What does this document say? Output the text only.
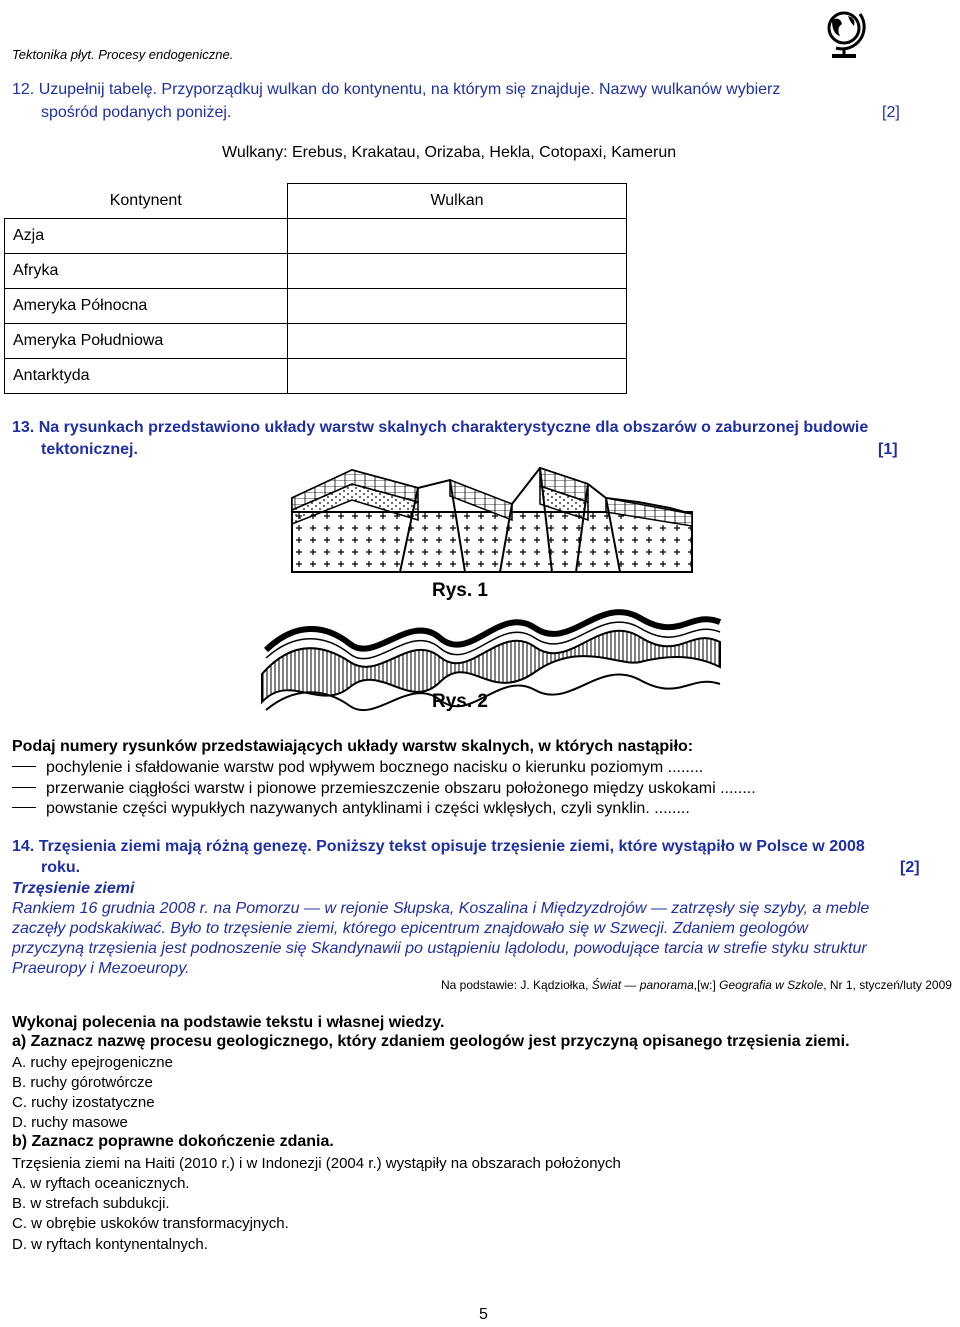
Tektonika płyt. Procesy endogeniczne.
12. Uzupełnij tabelę. Przyporządkuj wulkan do kontynentu, na którym się znajduje. Nazwy wulkanów wybierz
spośród podanych poniżej.	[2]
Wulkany: Erebus, Krakatau, Orizaba, Hekla, Cotopaxi, Kamerun
Kontynent	Wulkan
Azja	
Afryka	
Ameryka Północna	
Ameryka Południowa	
Antarktyda	
13. Na rysunkach przedstawiono układy warstw skalnych charakterystyczne dla obszarów o zaburzonej budowie
tektonicznej.	[1]
Rys. 1
Rys. 2
Podaj numery rysunków przedstawiających układy warstw skalnych, w których nastąpiło:
pochylenie i sfałdowanie warstw pod wpływem bocznego nacisku o kierunku poziomym ........
przerwanie ciągłości warstw i pionowe przemieszczenie obszaru położonego między uskokami ........
powstanie części wypukłych nazywanych antyklinami i części wklęsłych, czyli synklin. ........
14. Trzęsienia ziemi mają różną genezę. Poniższy tekst opisuje trzęsienie ziemi, które wystąpiło w Polsce w 2008
roku.	[2]
Trzęsienie ziemi
Rankiem 16 grudnia 2008 r. na Pomorzu — w rejonie Słupska, Koszalina i Międzyzdrojów — zatrzęsły się szyby, a meble
zaczęły podskakiwać. Było to trzęsienie ziemi, którego epicentrum znajdowało się w Szwecji. Zdaniem geologów
przyczyną trzęsienia jest podnoszenie się Skandynawii po ustąpieniu lądolodu, powodujące tarcia w strefie styku struktur
Praeuropy i Mezoeuropy.
Na podstawie: J. Kądziołka, Świat — panorama,[w:] Geografia w Szkole, Nr 1, styczeń/luty 2009
Wykonaj polecenia na podstawie tekstu i własnej wiedzy.
a) Zaznacz nazwę procesu geologicznego, który zdaniem geologów jest przyczyną opisanego trzęsienia ziemi.
A. ruchy epejrogeniczne
B. ruchy górotwórcze
C. ruchy izostatyczne
D. ruchy masowe
b) Zaznacz poprawne dokończenie zdania.
Trzęsienia ziemi na Haiti (2010 r.) i w Indonezji (2004 r.) wystąpiły na obszarach położonych
A. w ryftach oceanicznych.
B. w strefach subdukcji.
C. w obrębie uskoków transformacyjnych.
D. w ryftach kontynentalnych.
5
